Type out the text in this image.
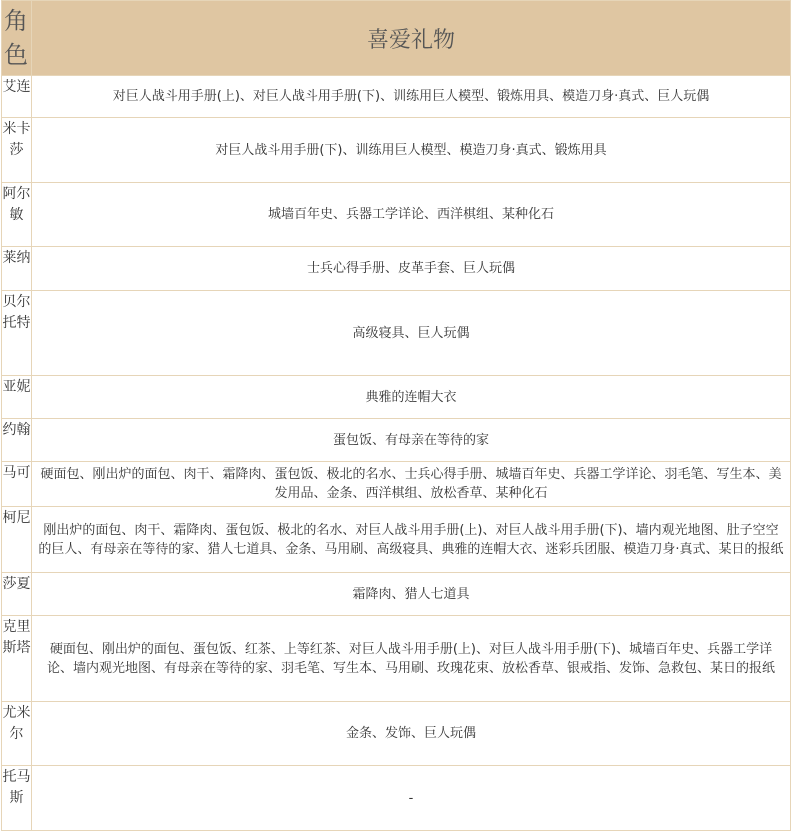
角色	喜爱礼物
艾连	对巨人战斗用手册(上)、对巨人战斗用手册(下)、训练用巨人模型、锻炼用具、模造刀身·真式、巨人玩偶
米卡莎	对巨人战斗用手册(下)、训练用巨人模型、模造刀身·真式、锻炼用具
阿尔敏	城墙百年史、兵器工学详论、西洋棋组、某种化石
莱纳	士兵心得手册、皮革手套、巨人玩偶
贝尔托特	高级寝具、巨人玩偶
亚妮	典雅的连帽大衣
约翰	蛋包饭、有母亲在等待的家
马可	硬面包、刚出炉的面包、肉干、霜降肉、蛋包饭、极北的名水、士兵心得手册、城墙百年史、兵器工学详论、羽毛笔、写生本、美发用品、金条、西洋棋组、放松香草、某种化石
柯尼	刚出炉的面包、肉干、霜降肉、蛋包饭、极北的名水、对巨人战斗用手册(上)、对巨人战斗用手册(下)、墙内观光地图、肚子空空的巨人、有母亲在等待的家、猎人七道具、金条、马用刷、高级寝具、典雅的连帽大衣、迷彩兵团服、模造刀身·真式、某日的报纸
莎夏	霜降肉、猎人七道具
克里斯塔	硬面包、刚出炉的面包、蛋包饭、红茶、上等红茶、对巨人战斗用手册(上)、对巨人战斗用手册(下)、城墙百年史、兵器工学详论、墙内观光地图、有母亲在等待的家、羽毛笔、写生本、马用刷、玫瑰花束、放松香草、银戒指、发饰、急救包、某日的报纸
尤米尔	金条、发饰、巨人玩偶
托马斯	-
